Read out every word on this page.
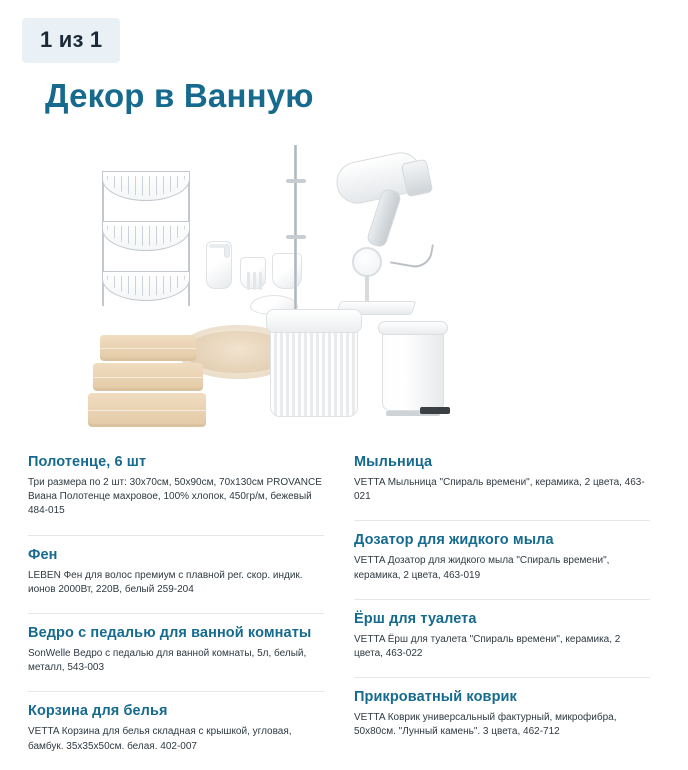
1 из 1
Декор в Ванную

Полотенце, 6 шт

Три размера по 2 шт: 30х70см, 50х90см, 70х130см PROVANCE Виана Полотенце махровое, 100% хлопок, 450гр/м, бежевый 484-015

Фен

LEBEN Фен для волос премиум с плавной рег. скор. индик. ионов 2000Вт, 220В, белый 259-204

Ведро с педалью для ванной комнаты

SonWelle Ведро с педалью для ванной комнаты, 5л, белый, металл, 543-003

Корзина для белья

VETTA Корзина для белья складная с крышкой, угловая, бамбук. 35х35х50см. белая. 402-007

Мыльница

VETTA Мыльница "Спираль времени", керамика, 2 цвета, 463-021

Дозатор для жидкого мыла

VETTA Дозатор для жидкого мыла "Спираль времени", керамика, 2 цвета, 463-019

Ёрш для туалета

VETTA Ёрш для туалета "Спираль времени", керамика, 2 цвета, 463-022

Прикроватный коврик

VETTA Коврик универсальный фактурный, микрофибра, 50х80см. "Лунный камень". 3 цвета, 462-712
